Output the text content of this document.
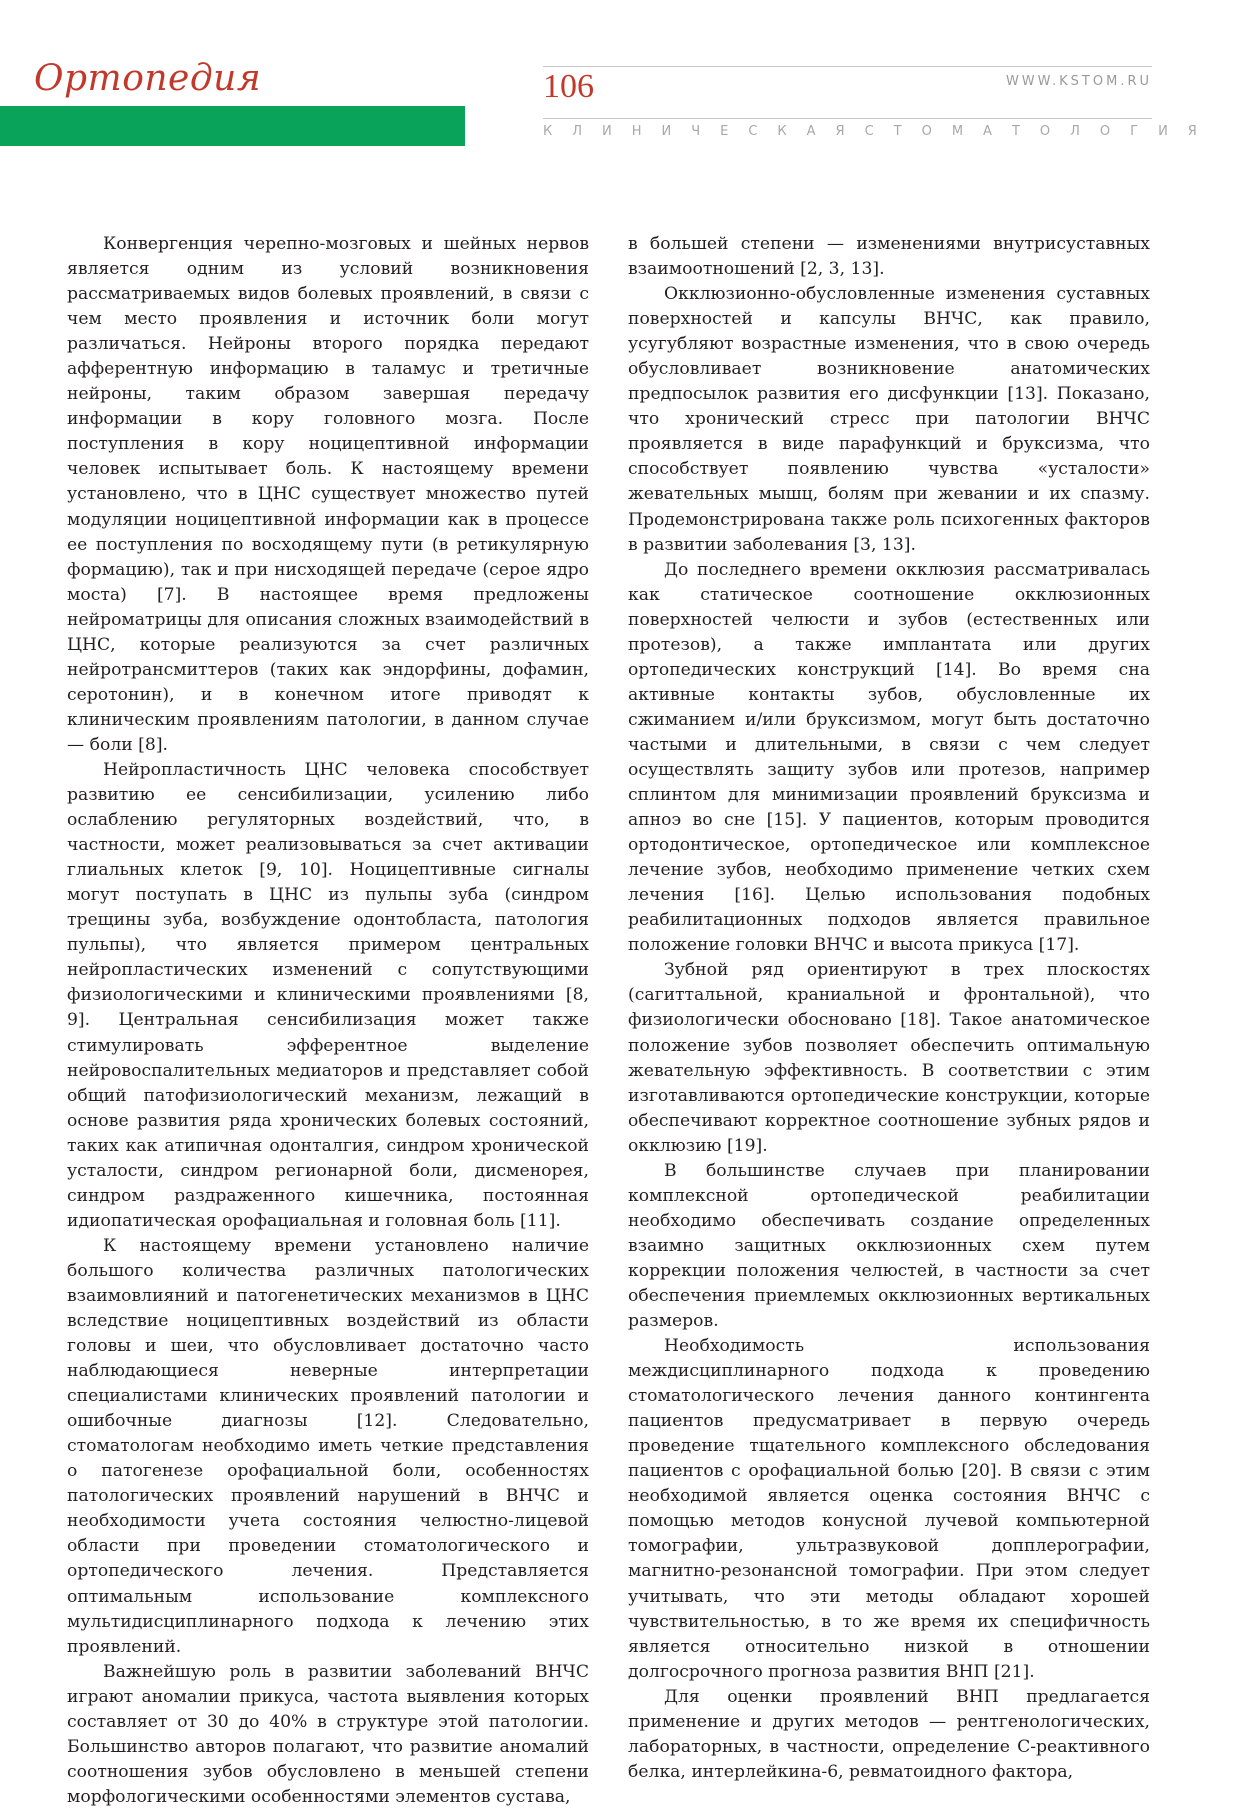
Ортопедия	106	WWW.KSTOM.RU
КЛИНИЧЕСКАЯ СТОМАТОЛОГИЯ

Конвергенция черепно-мозговых и шейных нервов является одним из условий возникновения рассматриваемых видов болевых проявлений, в связи с чем место проявления и источник боли могут различаться. Нейроны второго порядка передают афферентную информацию в таламус и третичные нейроны, таким образом завершая передачу информации в кору головного мозга. После поступления в кору ноцицептивной информации человек испытывает боль. К настоящему времени установлено, что в ЦНС существует множество путей модуляции ноцицептивной информации как в процессе ее поступления по восходящему пути (в ретикулярную формацию), так и при нисходящей передаче (серое ядро моста) [7]. В настоящее время предложены нейроматрицы для описания сложных взаимодействий в ЦНС, которые реализуются за счет различных нейротрансмиттеров (таких как эндорфины, дофамин, серотонин), и в конечном итоге приводят к клиническим проявлениям патологии, в данном случае — боли [8].

Нейропластичность ЦНС человека способствует развитию ее сенсибилизации, усилению либо ослаблению регуляторных воздействий, что, в частности, может реализовываться за счет активации глиальных клеток [9, 10]. Ноцицептивные сигналы могут поступать в ЦНС из пульпы зуба (синдром трещины зуба, возбуждение одонтобласта, патология пульпы), что является примером центральных нейропластических изменений с сопутствующими физиологическими и клиническими проявлениями [8, 9]. Центральная сенсибилизация может также стимулировать эфферентное выделение нейровоспалительных медиаторов и представляет собой общий патофизиологический механизм, лежащий в основе развития ряда хронических болевых состояний, таких как атипичная одонталгия, синдром хронической усталости, синдром регионарной боли, дисменорея, синдром раздраженного кишечника, постоянная идиопатическая орофациальная и головная боль [11].

К настоящему времени установлено наличие большого количества различных патологических взаимовлияний и патогенетических механизмов в ЦНС вследствие ноцицептивных воздействий из области головы и шеи, что обусловливает достаточно часто наблюдающиеся неверные интерпретации специалистами клинических проявлений патологии и ошибочные диагнозы [12]. Следовательно, стоматологам необходимо иметь четкие представления о патогенезе орофациальной боли, особенностях патологических проявлений нарушений в ВНЧС и необходимости учета состояния челюстно-лицевой области при проведении стоматологического и ортопедического лечения. Представляется оптимальным использование комплексного мультидисциплинарного подхода к лечению этих проявлений.

Важнейшую роль в развитии заболеваний ВНЧС играют аномалии прикуса, частота выявления которых составляет от 30 до 40% в структуре этой патологии. Большинство авторов полагают, что развитие аномалий соотношения зубов обусловлено в меньшей степени морфологическими особенностями элементов сустава,

в большей степени — изменениями внутрисуставных взаимоотношений [2, 3, 13].

Окклюзионно-обусловленные изменения суставных поверхностей и капсулы ВНЧС, как правило, усугубляют возрастные изменения, что в свою очередь обусловливает возникновение анатомических предпосылок развития его дисфункции [13]. Показано, что хронический стресс при патологии ВНЧС проявляется в виде парафункций и бруксизма, что способствует появлению чувства «усталости» жевательных мышц, болям при жевании и их спазму. Продемонстрирована также роль психогенных факторов в развитии заболевания [3, 13].

До последнего времени окклюзия рассматривалась как статическое соотношение окклюзионных поверхностей челюсти и зубов (естественных или протезов), а также имплантата или других ортопедических конструкций [14]. Во время сна активные контакты зубов, обусловленные их сжиманием и/или бруксизмом, могут быть достаточно частыми и длительными, в связи с чем следует осуществлять защиту зубов или протезов, например сплинтом для минимизации проявлений бруксизма и апноэ во сне [15]. У пациентов, которым проводится ортодонтическое, ортопедическое или комплексное лечение зубов, необходимо применение четких схем лечения [16]. Целью использования подобных реабилитационных подходов является правильное положение головки ВНЧС и высота прикуса [17].

Зубной ряд ориентируют в трех плоскостях (сагиттальной, краниальной и фронтальной), что физиологически обосновано [18]. Такое анатомическое положение зубов позволяет обеспечить оптимальную жевательную эффективность. В соответствии с этим изготавливаются ортопедические конструкции, которые обеспечивают корректное соотношение зубных рядов и окклюзию [19].

В большинстве случаев при планировании комплексной ортопедической реабилитации необходимо обеспечивать создание определенных взаимно защитных окклюзионных схем путем коррекции положения челюстей, в частности за счет обеспечения приемлемых окклюзионных вертикальных размеров.

Необходимость использования междисциплинарного подхода к проведению стоматологического лечения данного контингента пациентов предусматривает в первую очередь проведение тщательного комплексного обследования пациентов с орофациальной болью [20]. В связи с этим необходимой является оценка состояния ВНЧС с помощью методов конусной лучевой компьютерной томографии, ультразвуковой допплерографии, магнитно-резонансной томографии. При этом следует учитывать, что эти методы обладают хорошей чувствительностью, в то же время их специфичность является относительно низкой в отношении долгосрочного прогноза развития ВНП [21].

Для оценки проявлений ВНП предлагается применение и других методов — рентгенологических, лабораторных, в частности, определение С-реактивного белка, интерлейкина-6, ревматоидного фактора,
